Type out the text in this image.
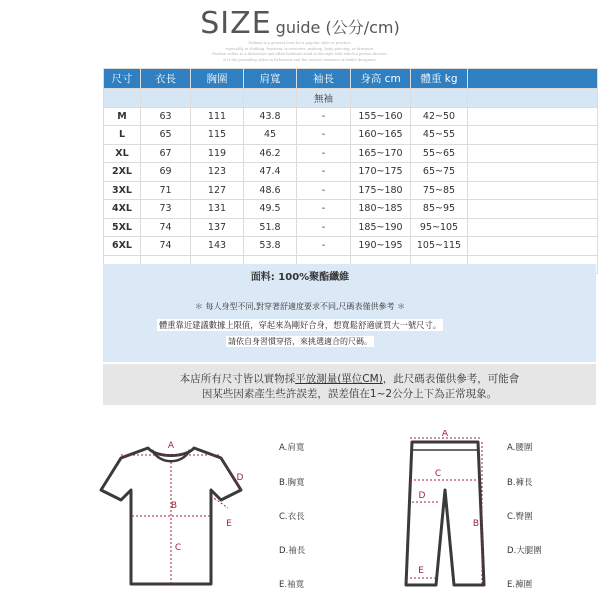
SIZE guide (公分/cm)
Fashion is a general term for a popular style or practice,
especially in clothing, footwear, accessories, makeup, body piercing, or furniture.
Fashion refers to a distinctive and often habitual trend in the style with which a person dresses.
It is the prevailing styles in behaviour and the newest creations of textile designers.
尺寸	衣長	胸圍	肩寬	袖長	身高 cm	體重 kg	
				無袖			
M	63	111	43.8	-	155~160	42~50	
L	65	115	45	-	160~165	45~55	
XL	67	119	46.2	-	165~170	55~65	
2XL	69	123	47.4	-	170~175	65~75	
3XL	71	127	48.6	-	175~180	75~85	
4XL	73	131	49.5	-	180~185	85~95	
5XL	74	137	51.8	-	185~190	95~105	
6XL	74	143	53.8	-	190~195	105~115	

面料: 100%聚酯纖維
＊ 每人身型不同,對穿著舒適度要求不同,尺碼表僅供參考 ＊
體重靠近建議數據上限值，穿起來為剛好合身，想寬鬆舒適就買大一號尺寸。
請依自身習慣穿搭，來挑選適合的尺碼。
本店所有尺寸皆以實物採平放測量(單位CM)，此尺碼表僅供參考，可能會
因某些因素產生些許誤差，誤差值在1~2公分上下為正常現象。
A
B
C
D
E
A.肩寬
B.胸寬
C.衣長
D.袖長
E.袖寬
A
C
D
B
E
A.腰圍
B.褲長
C.臀圍
D.大腿圍
E.褲圍
